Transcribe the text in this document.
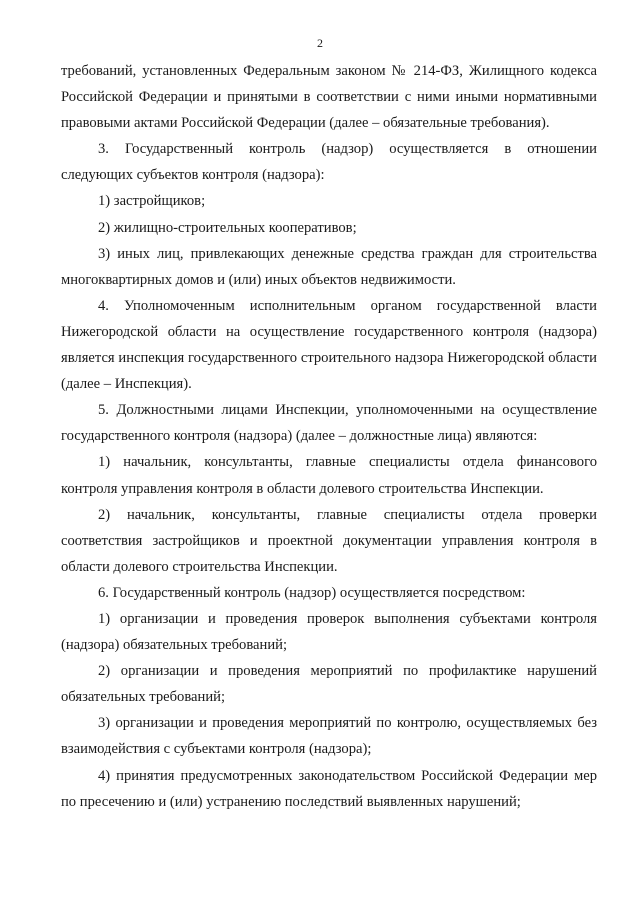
2

требований, установленных Федеральным законом № 214-ФЗ, Жилищного кодекса Российской Федерации и принятыми в соответствии с ними иными нормативными правовыми актами Российской Федерации (далее – обязательные требования).

3. Государственный контроль (надзор) осуществляется в отношении следующих субъектов контроля (надзора):

1) застройщиков;

2) жилищно-строительных кооперативов;

3) иных лиц, привлекающих денежные средства граждан для строительства многоквартирных домов и (или) иных объектов недвижимости.

4. Уполномоченным исполнительным органом государственной власти Нижегородской области на осуществление государственного контроля (надзора) является инспекция государственного строительного надзора Нижегородской области (далее – Инспекция).

5. Должностными лицами Инспекции, уполномоченными на осуществление государственного контроля (надзора) (далее – должностные лица) являются:

1) начальник, консультанты, главные специалисты отдела финансового контроля управления контроля в области долевого строительства Инспекции.

2) начальник, консультанты, главные специалисты отдела проверки соответствия застройщиков и проектной документации управления контроля в области долевого строительства Инспекции.

6. Государственный контроль (надзор) осуществляется посредством:

1) организации и проведения проверок выполнения субъектами контроля (надзора) обязательных требований;

2) организации и проведения мероприятий по профилактике нарушений обязательных требований;

3) организации и проведения мероприятий по контролю, осуществляемых без взаимодействия с субъектами контроля (надзора);

4) принятия предусмотренных законодательством Российской Федерации мер по пресечению и (или) устранению последствий выявленных нарушений;
